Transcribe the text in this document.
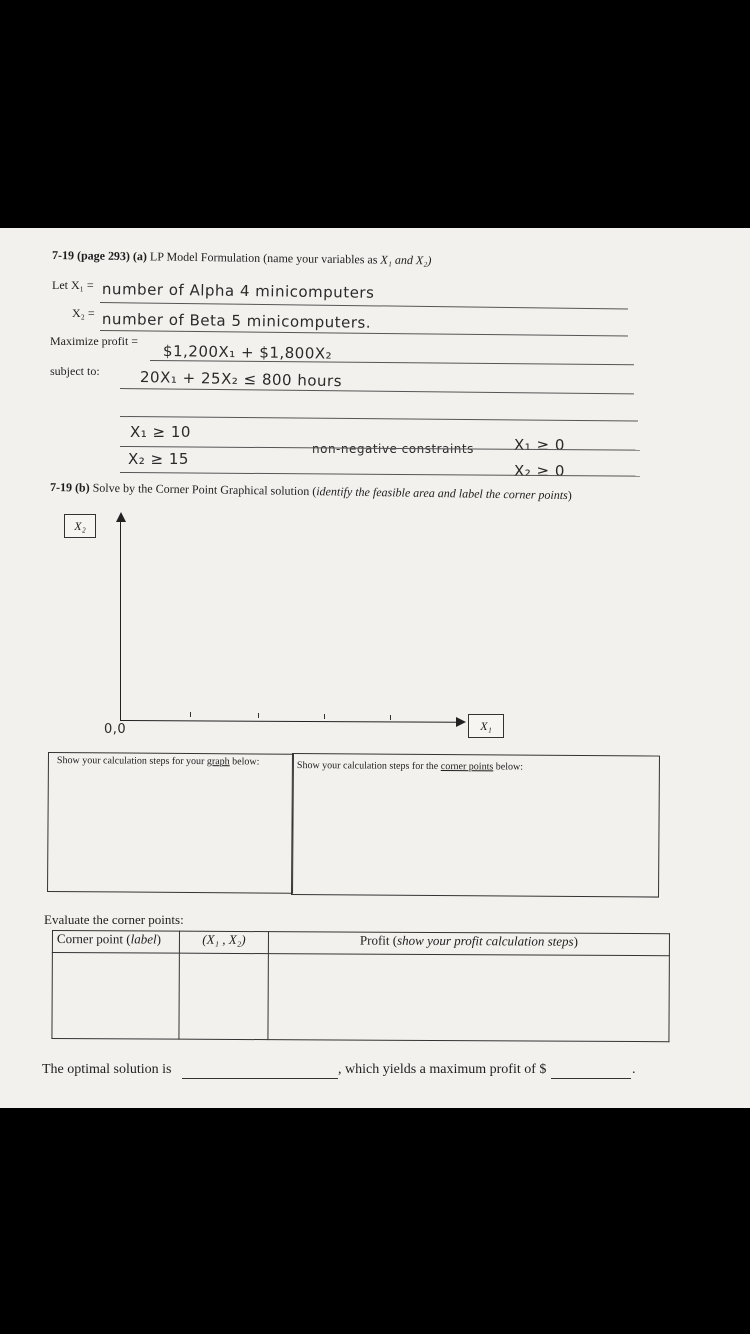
7-19 (page 293) (a) LP Model Formulation (name your variables as X₁ and X₂)
Let X₁ = number of Alpha 4 minicomputers
X₂ = number of Beta 5 minicomputers.
Maximize profit =
$1,200X₁ + $1,800X₂
subject to:	20X₁ + 25X₂ ≤ 800 hours
X₁ ≥ 10
non-negative constraints	X₁ ≥ 0
X₂ ≥ 15
X₂ ≥ 0
7-19 (b) Solve by the Corner Point Graphical solution (identify the feasible area and label the corner points)
X₂
X₁
0,0
Show your calculation steps for your graph below:	Show your calculation steps for the corner points below:
Evaluate the corner points:
Corner point (label)	(X₁ , X₂)	Profit (show your profit calculation steps)

The optimal solution is	, which yields a maximum profit of $	.
